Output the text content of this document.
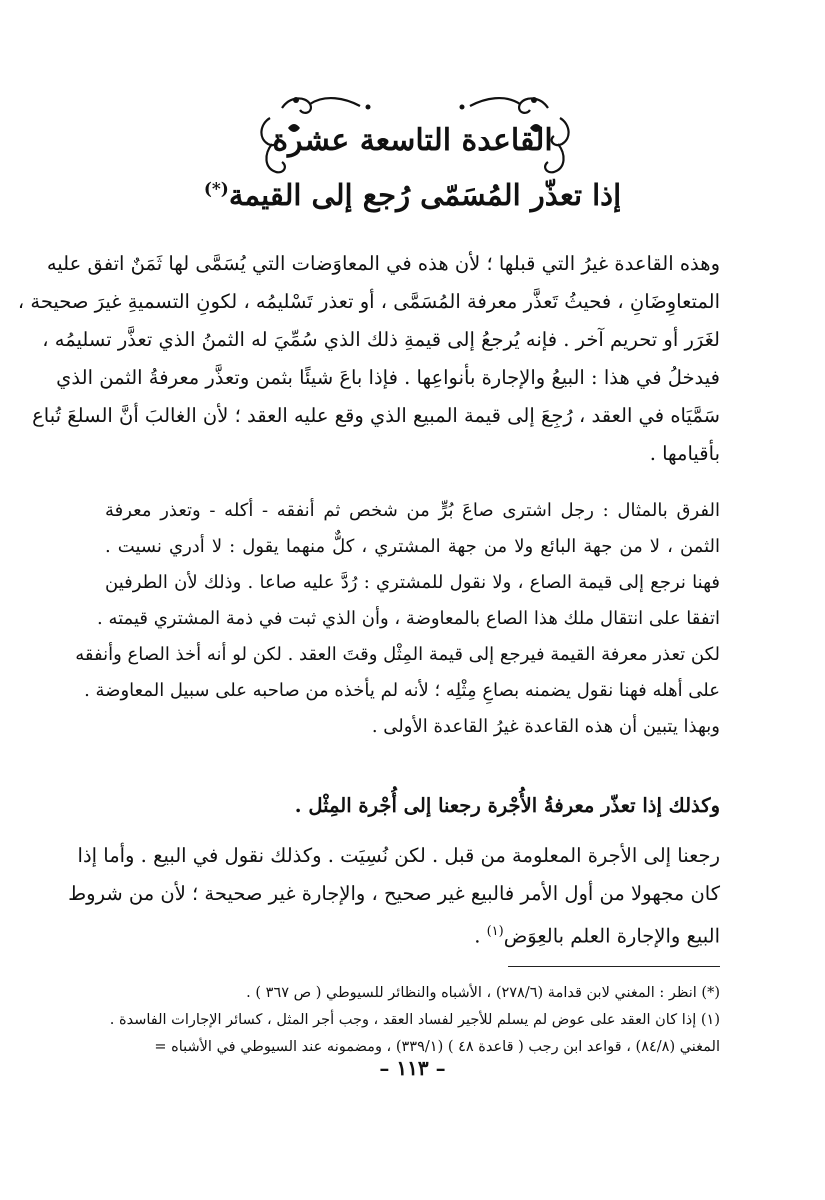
القاعدة التاسعة عشرة
إذا تعذّر المُسَمّى رُجع إلى القيمة(*)
وهذه القاعدة غيرُ التي قبلها ؛ لأن هذه في المعاوَضات التي يُسَمَّى لها ثَمَنٌ اتفق عليه
المتعاوِضَانِ ، فحيثُ تَعذَّر معرفة المُسَمَّى ، أو تعذر تَسْليمُه ، لكونِ التسميةِ غيرَ صحيحة ،
لغَرَر أو تحريم آخر . فإنه يُرجعُ إلى قيمةِ ذلك الذي سُمِّيَ له الثمنُ الذي تعذَّر تسليمُه ،
فيدخلُ في هذا : البيعُ والإجارة بأنواعِها . فإذا باعَ شيئًا بثمن وتعذَّر معرفةُ الثمن الذي
سَمَّيَاه في العقد ، رُجِعَ إلى قيمة المبيع الذي وقع عليه العقد ؛ لأن الغالبَ أنَّ السلعَ تُباع
بأقيامها .
الفرق بالمثال : رجل اشترى صاعَ بُرٍّ من شخص ثم أنفقه - أكله - وتعذر معرفة
الثمن ، لا من جهة البائع ولا من جهة المشتري ، كلٌّ منهما يقول : لا أدري نسيت .
فهنا نرجع إلى قيمة الصاع ، ولا نقول للمشتري : رُدَّ عليه صاعا . وذلك لأن الطرفين
اتفقا على انتقال ملك هذا الصاع بالمعاوضة ، وأن الذي ثبت في ذمة المشتري قيمته .
لكن تعذر معرفة القيمة فيرجع إلى قيمة المِثْل وقتَ العقد . لكن لو أنه أخذ الصاع وأنفقه
على أهله فهنا نقول يضمنه بصاعِ مِثْلِه ؛ لأنه لم يأخذه من صاحبه على سبيل المعاوضة .
وبهذا يتبين أن هذه القاعدة غيرُ القاعدة الأولى .
وكذلك إذا تعذّر معرفةُ الأُجْرة رجعنا إلى أُجْرة المِثْل .
رجعنا إلى الأجرة المعلومة من قبل . لكن نُسِيَت . وكذلك نقول في البيع . وأما إذا
كان مجهولا من أول الأمر فالبيع غير صحيح ، والإجارة غير صحيحة ؛ لأن من شروط
البيع والإجارة العلم بالعِوَض$^{(١)}$ .
(*) انظر : المغني لابن قدامة (٢٧٨/٦) ، الأشباه والنظائر للسيوطي ( ص ٣٦٧ ) .
(١) إذا كان العقد على عوض لم يسلم للأجير لفساد العقد ، وجب أجر المثل ، كسائر الإجارات الفاسدة .
المغني (٨٤/٨) ، قواعد ابن رجب ( قاعدة ٤٨ ) (٣٣٩/١) ، ومضمونه عند السيوطي في الأشباه =
– ١١٣ –
